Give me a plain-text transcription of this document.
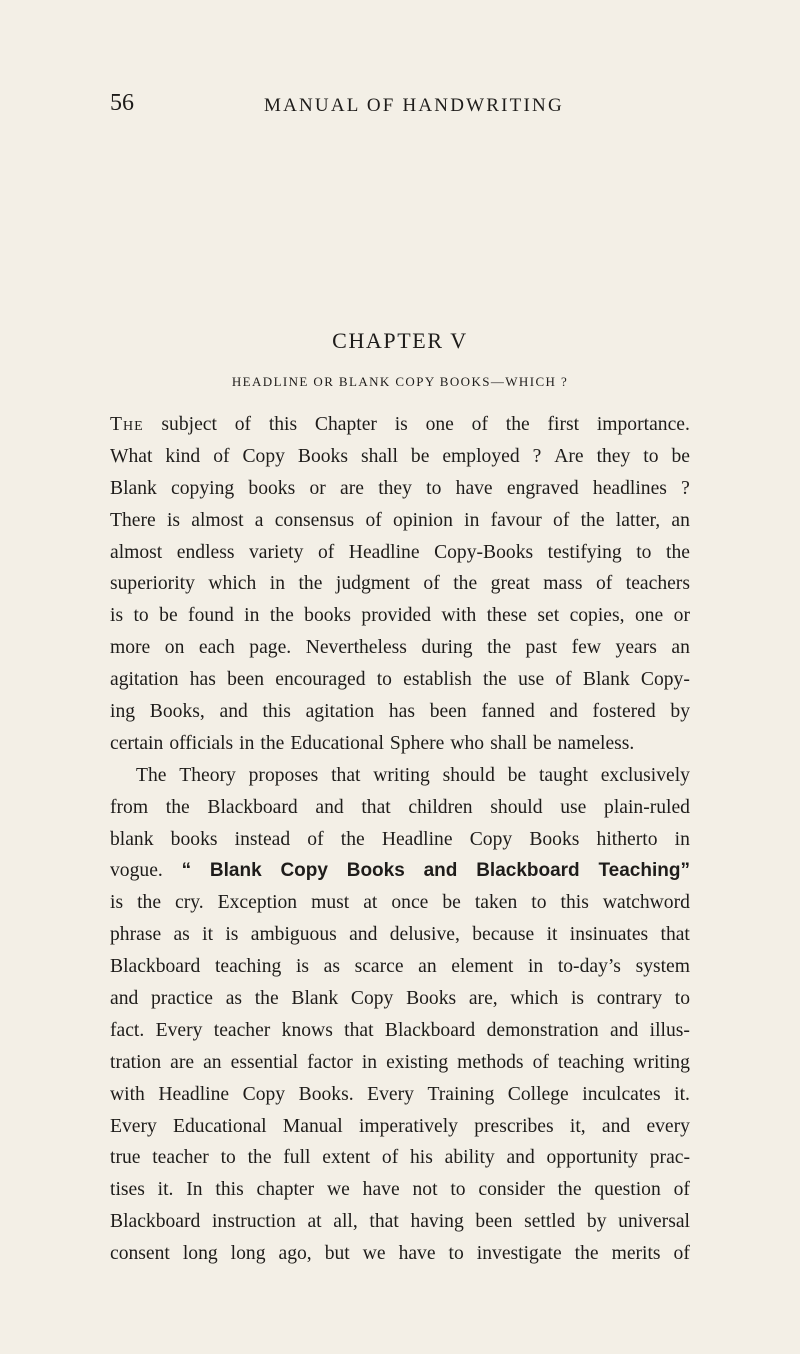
56	MANUAL OF HANDWRITING
CHAPTER V
HEADLINE OR BLANK COPY BOOKS—WHICH ?
The subject of this Chapter is one of the first importance.
What kind of Copy Books shall be employed ? Are they to be
Blank copying books or are they to have engraved headlines ?
There is almost a consensus of opinion in favour of the latter, an
almost endless variety of Headline Copy-Books testifying to the
superiority which in the judgment of the great mass of teachers
is to be found in the books provided with these set copies, one or
more on each page. Nevertheless during the past few years an
agitation has been encouraged to establish the use of Blank Copy-
ing Books, and this agitation has been fanned and fostered by
certain officials in the Educational Sphere who shall be nameless.
The Theory proposes that writing should be taught exclusively
from the Blackboard and that children should use plain-ruled
blank books instead of the Headline Copy Books hitherto in
vogue. “ Blank Copy Books and Blackboard Teaching”
is the cry. Exception must at once be taken to this watchword
phrase as it is ambiguous and delusive, because it insinuates that
Blackboard teaching is as scarce an element in to-day’s system
and practice as the Blank Copy Books are, which is contrary to
fact. Every teacher knows that Blackboard demonstration and illus-
tration are an essential factor in existing methods of teaching writing
with Headline Copy Books. Every Training College inculcates it.
Every Educational Manual imperatively prescribes it, and every
true teacher to the full extent of his ability and opportunity prac-
tises it. In this chapter we have not to consider the question of
Blackboard instruction at all, that having been settled by universal
consent long long ago, but we have to investigate the merits of
